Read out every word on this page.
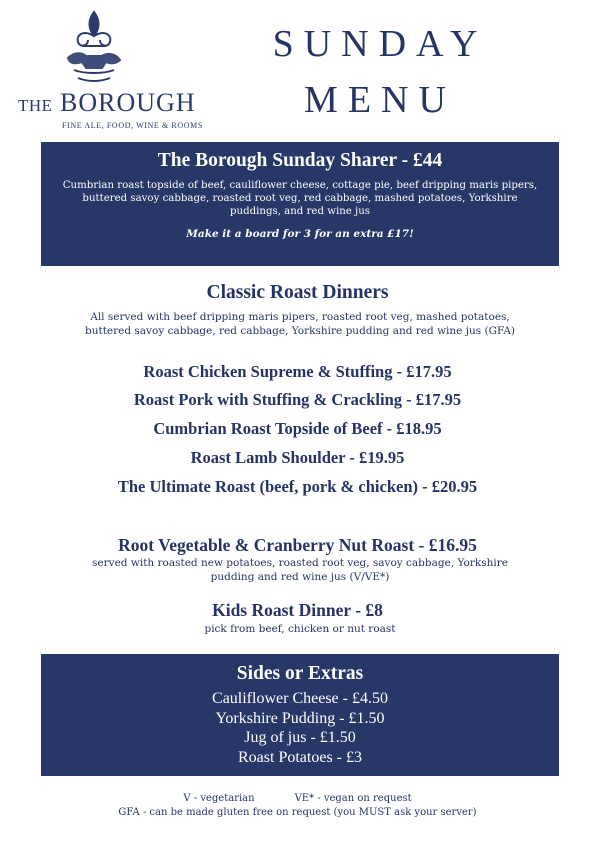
THE BOROUGH
FINE ALE, FOOD, WINE & ROOMS
SUNDAY
MENU
The Borough Sunday Sharer - £44
Cumbrian roast topside of beef, cauliflower cheese, cottage pie, beef dripping maris pipers, buttered savoy cabbage, roasted root veg, red cabbage, mashed potatoes, Yorkshire puddings, and red wine jus
Make it a board for 3 for an extra £17!
Classic Roast Dinners
All served with beef dripping maris pipers, roasted root veg, mashed potatoes, buttered savoy cabbage, red cabbage, Yorkshire pudding and red wine jus (GFA)
Roast Chicken Supreme & Stuffing - £17.95
Roast Pork with Stuffing & Crackling - £17.95
Cumbrian Roast Topside of Beef - £18.95
Roast Lamb Shoulder - £19.95
The Ultimate Roast (beef, pork & chicken) - £20.95
Root Vegetable & Cranberry Nut Roast - £16.95
served with roasted new potatoes, roasted root veg, savoy cabbage, Yorkshire pudding and red wine jus (V/VE*)
Kids Roast Dinner - £8
pick from beef, chicken or nut roast
Sides or Extras
Cauliflower Cheese - £4.50
Yorkshire Pudding - £1.50
Jug of jus - £1.50
Roast Potatoes - £3
V - vegetarian	VE* - vegan on request
GFA - can be made gluten free on request (you MUST ask your server)
